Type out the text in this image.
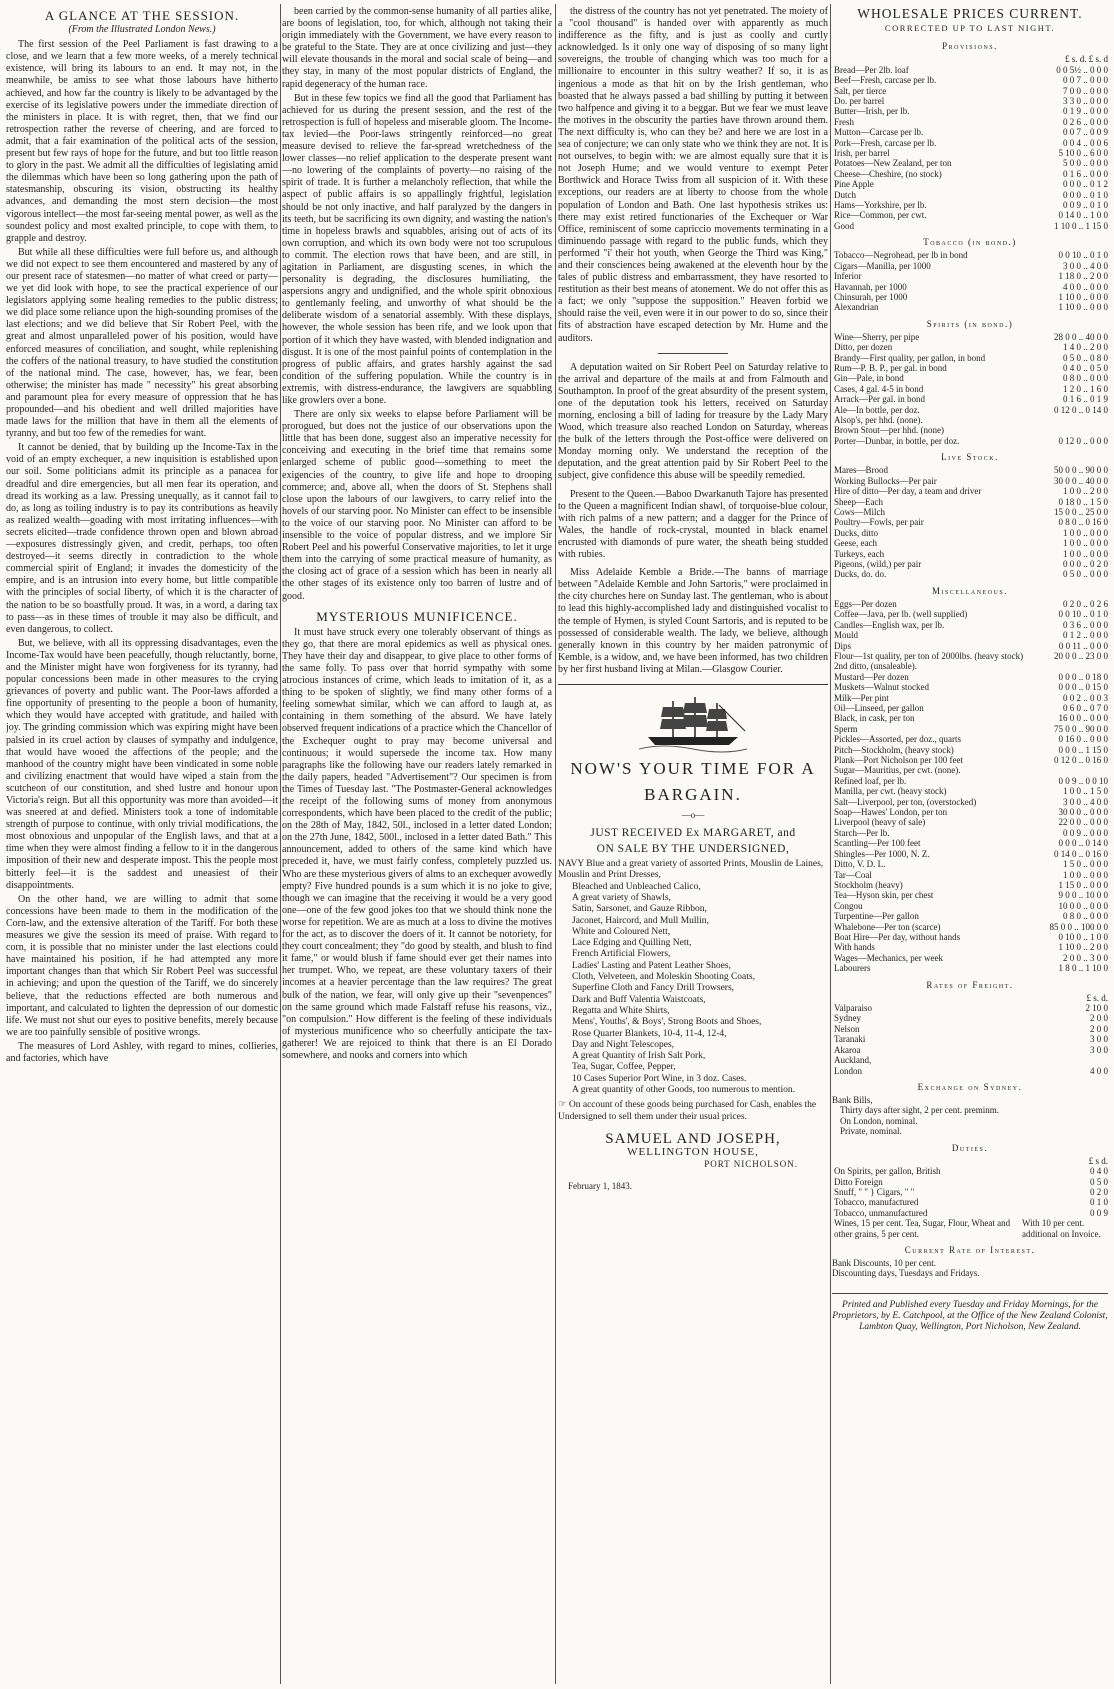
A GLANCE AT THE SESSION.
(From the Illustrated London News.)

The first session of the Peel Parliament is fast drawing to a close, and we learn that a few more weeks, of a merely technical existence, will bring its labours to an end. It may not, in the meanwhile, be amiss to see what those labours have hitherto achieved, and how far the country is likely to be advantaged by the exercise of its legislative powers under the immediate direction of the ministers in place. It is with regret, then, that we find our retrospection rather the reverse of cheering, and are forced to admit, that a fair examination of the political acts of the session, present but few rays of hope for the future, and but too little reason to glory in the past. We admit all the difficulties of legislating amid the dilemmas which have been so long gathering upon the path of statesmanship, obscuring its vision, obstructing its healthy advances, and demanding the most stern decision—the most vigorous intellect—the most far-seeing mental power, as well as the soundest policy and most exalted principle, to cope with them, to grapple and destroy.

But while all these difficulties were full before us, and although we did not expect to see them encountered and mastered by any of our present race of statesmen—no matter of what creed or party—we yet did look with hope, to see the practical experience of our legislators applying some healing remedies to the public distress; we did place some reliance upon the high-sounding promises of the last elections; and we did believe that Sir Robert Peel, with the great and almost unparalleled power of his position, would have enforced measures of conciliation, and sought, while replenishing the coffers of the national treasury, to have studied the constitution of the national mind. The case, however, has, we fear, been otherwise; the minister has made " necessity" his great absorbing and paramount plea for every measure of oppression that he has propounded—and his obedient and well drilled majorities have made laws for the million that have in them all the elements of tyranny, and but too few of the remedies for want.

It cannot be denied, that by building up the Income-Tax in the void of an empty exchequer, a new inquisition is established upon our soil. Some politicians admit its principle as a panacea for dreadful and dire emergencies, but all men fear its operation, and dread its working as a law. Pressing unequally, as it cannot fail to do, as long as toiling industry is to pay its contributions as heavily as realized wealth—goading with most irritating influences—with secrets elicited—trade confidence thrown open and blown abroad—exposures distressingly given, and credit, perhaps, too often destroyed—it seems directly in contradiction to the whole commercial spirit of England; it invades the domesticity of the empire, and is an intrusion into every home, but little compatible with the principles of social liberty, of which it is the character of the nation to be so boastfully proud. It was, in a word, a daring tax to pass—as in these times of trouble it may also be difficult, and even dangerous, to collect.

But, we believe, with all its oppressing disadvantages, even the Income-Tax would have been peacefully, though reluctantly, borne, and the Minister might have won forgiveness for its tyranny, had popular concessions been made in other measures to the crying grievances of poverty and public want. The Poor-laws afforded a fine opportunity of presenting to the people a boon of humanity, which they would have accepted with gratitude, and hailed with joy. The grinding commission which was expiring might have been palsied in its cruel action by clauses of sympathy and indulgence, that would have wooed the affections of the people; and the manhood of the country might have been vindicated in some noble and civilizing enactment that would have wiped a stain from the scutcheon of our constitution, and shed lustre and honour upon Victoria's reign. But all this opportunity was more than avoided—it was sneered at and defied. Ministers took a tone of indomitable strength of purpose to continue, with only trivial modifications, the most obnoxious and unpopular of the English laws, and that at a time when they were almost finding a fellow to it in the dangerous imposition of their new and desperate impost. This the people most bitterly feel—it is the saddest and uneasiest of their disappointments.

On the other hand, we are willing to admit that some concessions have been made to them in the modification of the Corn-law, and the extensive alteration of the Tariff. For both these measures we give the session its meed of praise. With regard to corn, it is possible that no minister under the last elections could have maintained his position, if he had attempted any more important changes than that which Sir Robert Peel was successful in achieving; and upon the question of the Tariff, we do sincerely believe, that the reductions effected are both numerous and important, and calculated to lighten the depression of our domestic life. We must not shut our eyes to positive benefits, merely because we are too painfully sensible of positive wrongs.

The measures of Lord Ashley, with regard to mines, collieries, and factories, which have

been carried by the common-sense humanity of all parties alike, are boons of legislation, too, for which, although not taking their origin immediately with the Government, we have every reason to be grateful to the State. They are at once civilizing and just—they will elevate thousands in the moral and social scale of being—and they stay, in many of the most popular districts of England, the rapid degeneracy of the human race.

But in these few topics we find all the good that Parliament has achieved for us during the present session, and the rest of the retrospection is full of hopeless and miserable gloom. The Income-tax levied—the Poor-laws stringently reinforced—no great measure devised to relieve the far-spread wretchedness of the lower classes—no relief application to the desperate present want—no lowering of the complaints of poverty—no raising of the spirit of trade. It is further a melancholy reflection, that while the aspect of public affairs is so appallingly frightful, legislation should be not only inactive, and half paralyzed by the dangers in its teeth, but be sacrificing its own dignity, and wasting the nation's time in hopeless brawls and squabbles, arising out of acts of its own corruption, and which its own body were not too scrupulous to commit. The election rows that have been, and are still, in agitation in Parliament, are disgusting scenes, in which the personality is degrading, the disclosures humiliating, the aspersions angry and undignified, and the whole spirit obnoxious to gentlemanly feeling, and unworthy of what should be the deliberate wisdom of a senatorial assembly. With these displays, however, the whole session has been rife, and we look upon that portion of it which they have wasted, with blended indignation and disgust. It is one of the most painful points of contemplation in the progress of public affairs, and grates harshly against the sad condition of the suffering population. While the country is in extremis, with distress-endurance, the lawgivers are squabbling like growlers over a bone.

There are only six weeks to elapse before Parliament will be prorogued, but does not the justice of our observations upon the little that has been done, suggest also an imperative necessity for conceiving and executing in the brief time that remains some enlarged scheme of public good—something to meet the exigencies of the country, to give life and hope to drooping commerce; and, above all, when the doors of St. Stephens shall close upon the labours of our lawgivers, to carry relief into the hovels of our starving poor. No Minister can effect to be insensible to the voice of our starving poor. No Minister can afford to be insensible to the voice of popular distress, and we implore Sir Robert Peel and his powerful Conservative majorities, to let it urge them into the carrying of some practical measure of humanity, as the closing act of grace of a session which has been in nearly all the other stages of its existence only too barren of lustre and of good.

MYSTERIOUS MUNIFICENCE.

It must have struck every one tolerably observant of things as they go, that there are moral epidemics as well as physical ones. They have their day and disappear, to give place to other forms of the same folly. To pass over that horrid sympathy with some atrocious instances of crime, which leads to imitation of it, as a thing to be spoken of slightly, we find many other forms of a feeling somewhat similar, which we can afford to laugh at, as containing in them something of the absurd. We have lately observed frequent indications of a practice which the Chancellor of the Exchequer ought to pray may become universal and continuous; it would supersede the income tax. How many paragraphs like the following have our readers lately remarked in the daily papers, headed "Advertisement"? Our specimen is from the Times of Tuesday last. "The Postmaster-General acknowledges the receipt of the following sums of money from anonymous correspondents, which have been placed to the credit of the public; on the 28th of May, 1842, 50l., inclosed in a letter dated London; on the 27th June, 1842, 500l., inclosed in a letter dated Bath." This announcement, added to others of the same kind which have preceded it, have, we must fairly confess, completely puzzled us. Who are these mysterious givers of alms to an exchequer avowedly empty? Five hundred pounds is a sum which it is no joke to give, though we can imagine that the receiving it would be a very good one—one of the few good jokes too that we should think none the worse for repetition. We are as much at a loss to divine the motives for the act, as to discover the doers of it. It cannot be notoriety, for they court concealment; they "do good by stealth, and blush to find it fame," or would blush if fame should ever get their names into her trumpet. Who, we repeat, are these voluntary taxers of their incomes at a heavier percentage than the law requires? The great bulk of the nation, we fear, will only give up their "sevenpences" on the same ground which made Falstaff refuse his reasons, viz., "on compulsion." How different is the feeling of these individuals of mysterious munificence who so cheerfully anticipate the tax-gatherer! We are rejoiced to think that there is an El Dorado somewhere, and nooks and corners into which

the distress of the country has not yet penetrated. The moiety of a "cool thousand" is handed over with apparently as much indifference as the fifty, and is just as coolly and curtly acknowledged. Is it only one way of disposing of so many light sovereigns, the trouble of changing which was too much for a millionaire to encounter in this sultry weather? If so, it is as ingenious a mode as that hit on by the Irish gentleman, who boasted that he always passed a bad shilling by putting it between two halfpence and giving it to a beggar. But we fear we must leave the motives in the obscurity the parties have thrown around them. The next difficulty is, who can they be? and here we are lost in a sea of conjecture; we can only state who we think they are not. It is not ourselves, to begin with: we are almost equally sure that it is not Joseph Hume; and we would venture to exempt Peter Borthwick and Horace Twiss from all suspicion of it. With these exceptions, our readers are at liberty to choose from the whole population of London and Bath. One last hypothesis strikes us: there may exist retired functionaries of the Exchequer or War Office, reminiscent of some capriccio movements terminating in a diminuendo passage with regard to the public funds, which they performed "i' their hot youth, when George the Third was King," and their consciences being awakened at the eleventh hour by the tales of public distress and embarrassment, they have resorted to restitution as their best means of atonement. We do not offer this as a fact; we only "suppose the supposition." Heaven forbid we should raise the veil, even were it in our power to do so, since their fits of abstraction have escaped detection by Mr. Hume and the auditors.

A deputation waited on Sir Robert Peel on Saturday relative to the arrival and departure of the mails at and from Falmouth and Southampton. In proof of the great absurdity of the present system, one of the deputation took his letters, received on Saturday morning, enclosing a bill of lading for treasure by the Lady Mary Wood, which treasure also reached London on Saturday, whereas the bulk of the letters through the Post-office were delivered on Monday morning only. We understand the reception of the deputation, and the great attention paid by Sir Robert Peel to the subject, give confidence this abuse will be speedily remedied.

Present to the Queen.—Baboo Dwarkanuth Tajore has presented to the Queen a magnificent Indian shawl, of torquoise-blue colour, with rich palms of a new pattern; and a dagger for the Prince of Wales, the handle of rock-crystal, mounted in black enamel encrusted with diamonds of pure water, the sheath being studded with rubies.

Miss Adelaide Kemble a Bride.—The banns of marriage between "Adelaide Kemble and John Sartoris," were proclaimed in the city churches here on Sunday last. The gentleman, who is about to lead this highly-accomplished lady and distinguished vocalist to the temple of Hymen, is styled Count Sartoris, and is reputed to be possessed of considerable wealth. The lady, we believe, although generally known in this country by her maiden patronymic of Kemble, is a widow, and, we have been informed, has two children by her first husband living at Milan.—Glasgow Courier.

NOW'S YOUR TIME FOR A
BARGAIN.
—o—
JUST RECEIVED Ex MARGARET, and
ON SALE BY THE UNDERSIGNED,
NAVY Blue and a great variety of assorted Prints, Mouslin de Laines, Mouslin and Print Dresses,
Bleached and Unbleached Calico,
A great variety of Shawls,
Satin, Sarsonet, and Gauze Ribbon,
Jaconet, Haircord, and Mull Mullin,
White and Coloured Nett,
Lace Edging and Quilling Nett,
French Artificial Flowers,
Ladies' Lasting and Patent Leather Shoes,
Cloth, Velveteen, and Moleskin Shooting Coats,
Superfine Cloth and Fancy Drill Trowsers,
Dark and Buff Valentia Waistcoats,
Regatta and White Shirts,
Mens', Youths', & Boys', Strong Boots and Shoes,
Rose Quarter Blankets, 10-4, 11-4, 12-4,
Day and Night Telescopes,
A great Quantity of Irish Salt Pork,
Tea, Sugar, Coffee, Pepper,
10 Cases Superior Port Wine, in 3 doz. Cases.
A great quantity of other Goods, too numerous to mention.
☞ On account of these goods being purchased for Cash, enables the Undersigned to sell them under their usual prices.
SAMUEL AND JOSEPH,
WELLINGTON HOUSE,
PORT NICHOLSON.
February 1, 1843.
WHOLESALE PRICES CURRENT.
CORRECTED UP TO LAST NIGHT.
Provisions.
	£ s. d. £ s. d
Bread—Per 2lb. loaf	0 0 5½ .. 0 0 0
Beef—Fresh, carcase per lb.	0 0 7 .. 0 0 0
Salt, per tierce	7 0 0 .. 0 0 0
Do. per barrel	3 3 0 .. 0 0 0
Butter—Irish, per lb.	0 1 9 .. 0 0 0
Fresh	0 2 6 .. 0 0 0
Mutton—Carcase per lb.	0 0 7 .. 0 0 9
Pork—Fresh, carcase per lb.	0 0 4 .. 0 0 6
Irish, per barrel	5 10 0 .. 6 0 0
Potatoes—New Zealand, per ton	5 0 0 .. 0 0 0
Cheese—Cheshire, (no stock)	0 1 6 .. 0 0 0
Pine Apple	0 0 0 .. 0 1 2
Dutch	0 0 0 .. 0 1 0
Hams—Yorkshire, per lb.	0 0 9 .. 0 1 0
Rice—Common, per cwt.	0 14 0 .. 1 0 0
Good	1 10 0 .. 1 15 0
Tobacco (in bond.)
Tobacco—Negrohead, per lb in bond	0 0 10 .. 0 1 0
Cigars—Manilla, per 1000	3 0 0 .. 4 0 0
Inferior	1 18 0 .. 2 0 0
Havannah, per 1000	4 0 0 .. 0 0 0
Chinsurah, per 1000	1 10 0 .. 0 0 0
Alexandrian	1 10 0 .. 0 0 0
Spirits (in bond.)
Wine—Sherry, per pipe	28 0 0 .. 40 0 0
Ditto, per dozen	1 4 0 .. 2 0 0
Brandy—First quality, per gallon, in bond	0 5 0 .. 0 8 0
Rum—P. B. P., per gal. in bond	0 4 0 .. 0 5 0
Gin—Pale, in bond	0 8 0 .. 0 0 0
Cases, 4 gal. 4-5 in bond	1 2 0 .. 1 6 0
Arrack—Per gal. in bond	0 1 6 .. 0 1 9
Ale—In bottle, per doz.	0 12 0 .. 0 14 0
Alsop's, per hhd. (none).	
Brown Stout—per hhd. (none)	
Porter—Dunbar, in bottle, per doz.	0 12 0 .. 0 0 0
Live Stock.
Mares—Brood	50 0 0 .. 90 0 0
Working Bullocks—Per pair	30 0 0 .. 40 0 0
Hire of ditto—Per day, a team and driver	1 0 0 .. 2 0 0
Sheep—Each	0 18 0 .. 1 5 0
Cows—Milch	15 0 0 .. 25 0 0
Poultry—Fowls, per pair	0 8 0 .. 0 16 0
Ducks, ditto	1 0 0 .. 0 0 0
Geese, each	1 0 0 .. 0 0 0
Turkeys, each	1 0 0 .. 0 0 0
Pigeons, (wild,) per pair	0 0 0 .. 0 2 0
Ducks, do. do.	0 5 0 .. 0 0 0
Miscellaneous.
Eggs—Per dozen	0 2 0 .. 0 2 6
Coffee—Java, per lb. (well supplied)	0 0 10 .. 0 1 0
Candles—English wax, per lb.	0 3 6 .. 0 0 0
Mould	0 1 2 .. 0 0 0
Dips	0 0 11 .. 0 0 0
Flour—1st quality, per ton of 2000lbs. (heavy stock)	20 0 0 .. 23 0 0
2nd ditto, (unsaleable).	
Mustard—Per dozen	0 0 0 .. 0 18 0
Muskets—Walnut stocked	0 0 0 .. 0 15 0
Milk—Per pint	0 0 2 .. 0 0 3
Oil—Linseed, per gallon	0 6 0 .. 0 7 0
Black, in cask, per ton	16 0 0 .. 0 0 0
Sperm	75 0 0 .. 90 0 0
Pickles—Assorted, per doz., quarts	0 16 0 .. 0 0 0
Pitch—Stockholm, (heavy stock)	0 0 0 .. 1 15 0
Plank—Port Nicholson per 100 feet	0 12 0 .. 0 16 0
Sugar—Mauritius, per cwt. (none).	
Refined loaf, per lb.	0 0 9 .. 0 0 10
Manilla, per cwt. (heavy stock)	1 0 0 .. 1 5 0
Salt—Liverpool, per ton, (overstocked)	3 0 0 .. 4 0 0
Soap—Hawes' London, per ton	30 0 0 .. 0 0 0
Liverpool (heavy of sale)	22 0 0 .. 0 0 0
Starch—Per lb.	0 0 9 .. 0 0 0
Scantling—Per 100 feet	0 0 0 .. 0 14 0
Shingles—Per 1000, N. Z.	0 14 0 .. 0 16 0
Ditto, V. D. L.	1 5 0 .. 0 0 0
Tar—Coal	1 0 0 .. 0 0 0
Stockholm (heavy)	1 15 0 .. 0 0 0
Tea—Hyson skin, per chest	9 0 0 .. 10 0 0
Congou	10 0 0 .. 0 0 0
Turpentine—Per gallon	0 8 0 .. 0 0 0
Whalebone—Per ton (scarce)	85 0 0 .. 100 0 0
Boat Hire—Per day, without hands	0 10 0 .. 1 0 0
With hands	1 10 0 .. 2 0 0
Wages—Mechanics, per week	2 0 0 .. 3 0 0
Labourers	1 8 0 .. 1 10 0
Rates of Freight.
	£ s. d.
Valparaiso	2 10 0
Sydney	2 0 0
Nelson	2 0 0
Taranaki	3 0 0
Akaroa	3 0 0
Auckland,	
London	4 0 0
Exchange on Sydney.
Bank Bills,
Thirty days after sight, 2 per cent. preminm.
On London, nominal.
Private, nominal.
Duties.
	£ s d.
On Spirits, per gallon, British	0 4 0
Ditto Foreign	0 5 0
Snuff, " " } Cigars, " "	0 2 0
Tobacco, manufactured	0 1 0
Tobacco, unmanufactured	0 0 9
Wines, 15 per cent. Tea, Sugar, Flour, Wheat and other grains, 5 per cent.	With 10 per cent. additional on Invoice.
Current Rate of Interest.
Bank Discounts, 10 per cent.
Discounting days, Tuesdays and Fridays.
Printed and Published every Tuesday and Friday Mornings, for the Proprietors, by E. Catchpool, at the Office of the New Zealand Colonist, Lambton Quay, Wellington, Port Nicholson, New Zealand.
